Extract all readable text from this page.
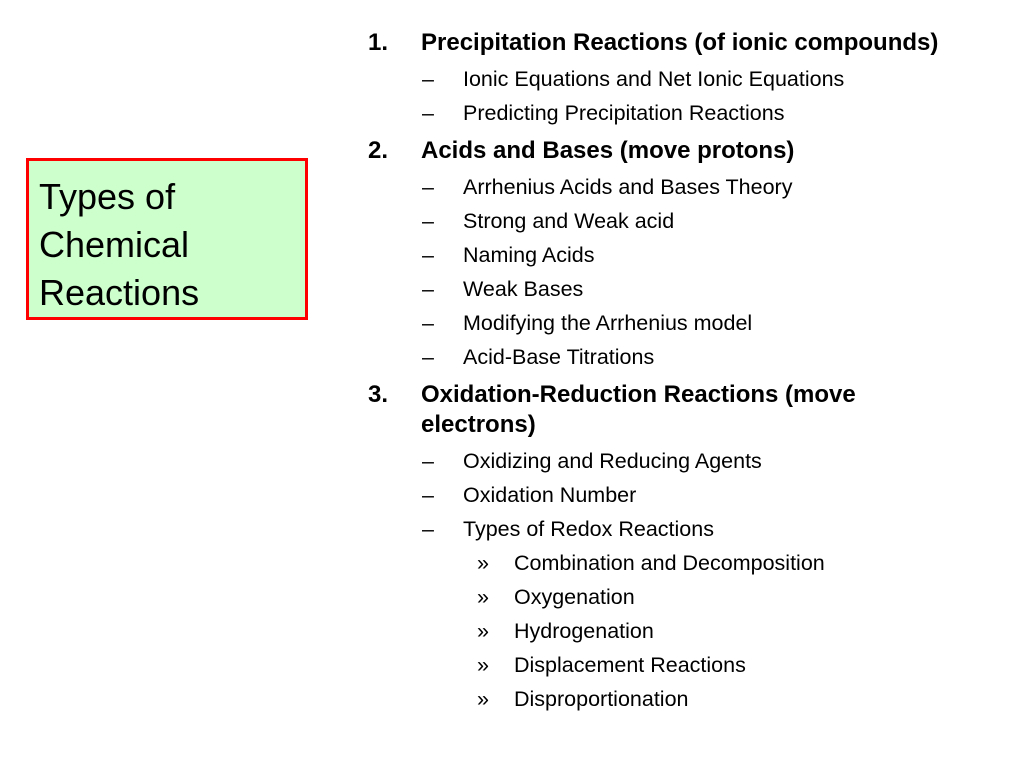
Types of
Chemical
Reactions
1. Precipitation Reactions (of ionic compounds)
– Ionic Equations and Net Ionic Equations
– Predicting Precipitation Reactions
2. Acids and Bases (move protons)
– Arrhenius Acids and Bases Theory
– Strong and Weak acid
– Naming Acids
– Weak Bases
– Modifying the Arrhenius model
– Acid-Base Titrations
3. Oxidation-Reduction Reactions (move electrons)
– Oxidizing and Reducing Agents
– Oxidation Number
– Types of Redox Reactions
» Combination and Decomposition
» Oxygenation
» Hydrogenation
» Displacement Reactions
» Disproportionation
